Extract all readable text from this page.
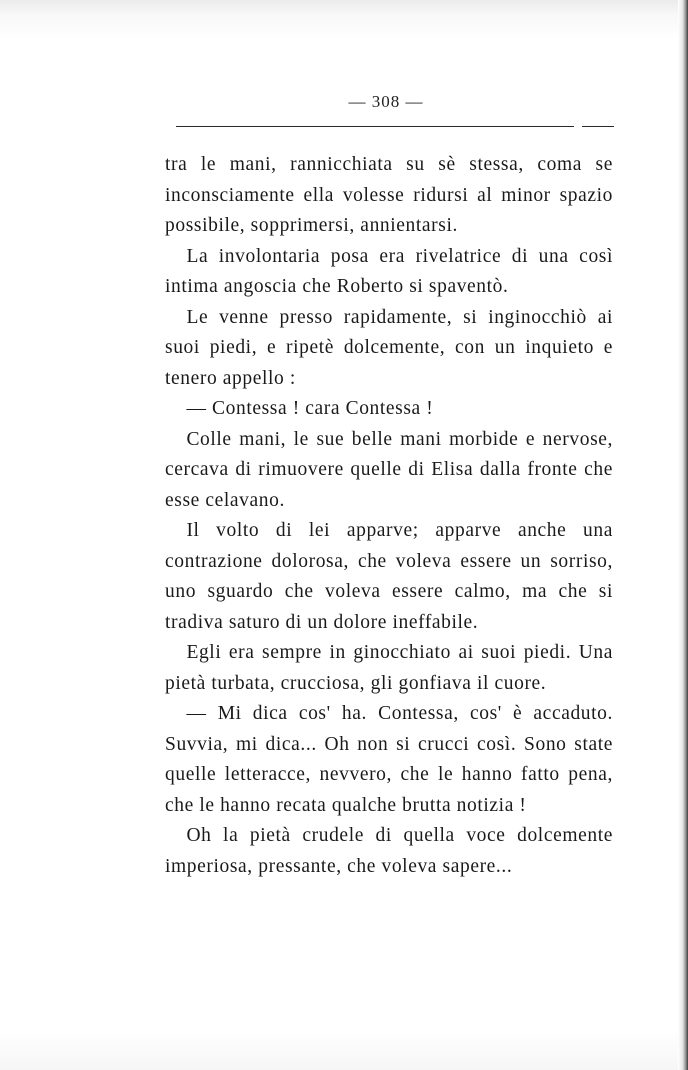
— 308 —

tra le mani, rannicchiata su sè stessa, coma se inconsciamente ella volesse ridursi al minor spazio possibile, sopprimersi, annientarsi.

La involontaria posa era rivelatrice di una così intima angoscia che Roberto si spaventò.

Le venne presso rapidamente, si inginocchiò ai suoi piedi, e ripetè dolcemente, con un inquieto e tenero appello :

— Contessa ! cara Contessa !

Colle mani, le sue belle mani morbide e nervose, cercava di rimuovere quelle di Elisa dalla fronte che esse celavano.

Il volto di lei apparve; apparve anche una contrazione dolorosa, che voleva essere un sorriso, uno sguardo che voleva essere calmo, ma che si tradiva saturo di un dolore ineffabile.

Egli era sempre in ginocchiato ai suoi piedi. Una pietà turbata, crucciosa, gli gonfiava il cuore.

— Mi dica cos' ha. Contessa, cos' è accaduto. Suvvia, mi dica... Oh non si crucci così. Sono state quelle letteracce, nevvero, che le hanno fatto pena, che le hanno recata qualche brutta notizia !

Oh la pietà crudele di quella voce dolcemente imperiosa, pressante, che voleva sapere...
